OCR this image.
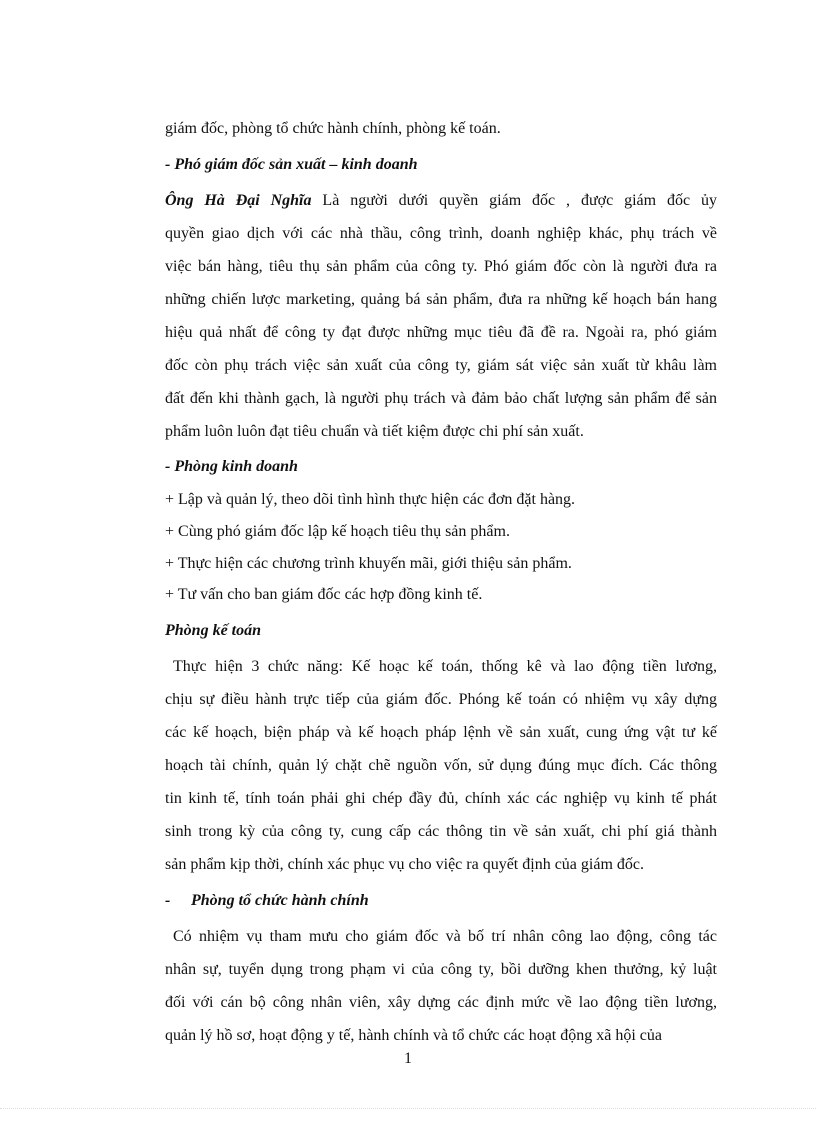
giám đốc, phòng tổ chức hành chính, phòng kế toán.

- Phó giám đốc sản xuất – kinh doanh

Ông Hà Đại Nghĩa Là người dưới quyền giám đốc , được giám đốc ủy

quyền giao dịch với các nhà thầu, công trình, doanh nghiệp khác, phụ trách về

việc bán hàng, tiêu thụ sản phẩm của công ty. Phó giám đốc còn là người đưa ra

những chiến lược marketing, quảng bá sản phẩm, đưa ra những kế hoạch bán hang

hiệu quả nhất để công ty đạt được những mục tiêu đã đề ra. Ngoài ra, phó giám

đốc còn phụ trách việc sản xuất của công ty, giám sát việc sản xuất từ khâu làm

đất đến khi thành gạch, là người phụ trách và đảm bảo chất lượng sản phẩm để sản

phẩm luôn luôn đạt tiêu chuẩn và tiết kiệm được chi phí sản xuất.

- Phòng kinh doanh

+ Lập và quản lý, theo dõi tình hình thực hiện các đơn đặt hàng.

+ Cùng phó giám đốc lập kế hoạch tiêu thụ sản phẩm.

+ Thực hiện các chương trình khuyến mãi, giới thiệu sản phẩm.

+ Tư vấn cho ban giám đốc các hợp đồng kinh tế.

Phòng kế toán

Thực hiện 3 chức năng: Kế hoạc kế toán, thống kê và lao động tiền lương,

chịu sự điều hành trực tiếp của giám đốc. Phóng kế toán có nhiệm vụ xây dựng

các kế hoạch, biện pháp và kế hoạch pháp lệnh về sản xuất, cung ứng vật tư kế

hoạch tài chính, quản lý chặt chẽ nguồn vốn, sử dụng đúng mục đích. Các thông

tin kinh tế, tính toán phải ghi chép đầy đủ, chính xác các nghiệp vụ kinh tế phát

sinh trong kỳ của công ty, cung cấp các thông tin về sản xuất, chi phí giá thành

sản phẩm kịp thời, chính xác phục vụ cho việc ra quyết định của giám đốc.

- Phòng tổ chức hành chính

Có nhiệm vụ tham mưu cho giám đốc và bố trí nhân công lao động, công tác

nhân sự, tuyển dụng trong phạm vi của công ty, bồi dưỡng khen thưởng, kỷ luật

đối với cán bộ công nhân viên, xây dựng các định mức về lao động tiền lương,

quản lý hồ sơ, hoạt động y tế, hành chính và tổ chức các hoạt động xã hội của

1
